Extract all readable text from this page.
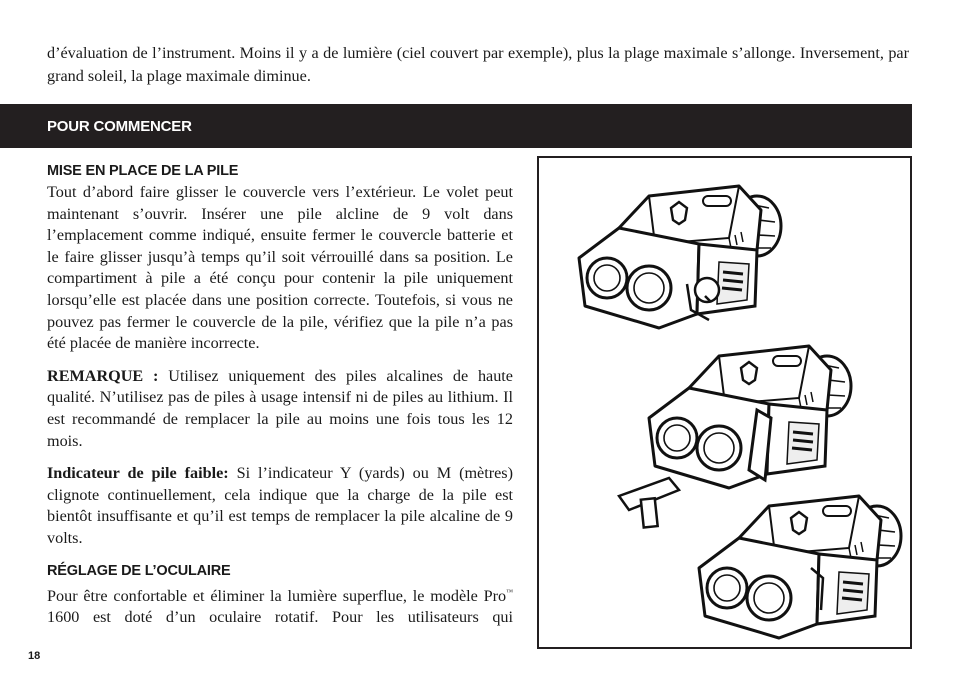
d’évaluation de l’instrument. Moins il y a de lumière (ciel couvert par exemple), plus la plage maximale s’allonge. Inversement, par grand soleil, la plage maximale diminue.
POUR COMMENCER
MISE EN PLACE DE LA PILE

Tout d’abord faire glisser le couvercle vers l’extérieur. Le volet peut maintenant s’ouvrir. Insérer une pile alcline de 9 volt dans l’emplacement comme indiqué, ensuite fermer le couvercle batterie et le faire glisser jusqu’à temps qu’il soit vérrouillé dans sa position. Le compartiment à pile a été conçu pour contenir la pile uniquement lorsqu’elle est placée dans une position correcte. Toutefois, si vous ne pouvez pas fermer le couvercle de la pile, vérifiez que la pile n’a pas été placée de manière incorrecte.

REMARQUE : Utilisez uniquement des piles alcalines de haute qualité. N’utilisez pas de piles à usage intensif ni de piles au lithium. Il est recommandé de remplacer la pile au moins une fois tous les 12 mois.

Indicateur de pile faible: Si l’indicateur Y (yards) ou M (mètres) clignote continuellement, cela indique que la charge de la pile est bientôt insuffisante et qu’il est temps de remplacer la pile alcaline de 9 volts.

RÉGLAGE DE L’OCULAIRE

Pour être confortable et éliminer la lumière superflue, le modèle Pro™ 1600 est doté d’un oculaire rotatif. Pour les utilisateurs qui

18
